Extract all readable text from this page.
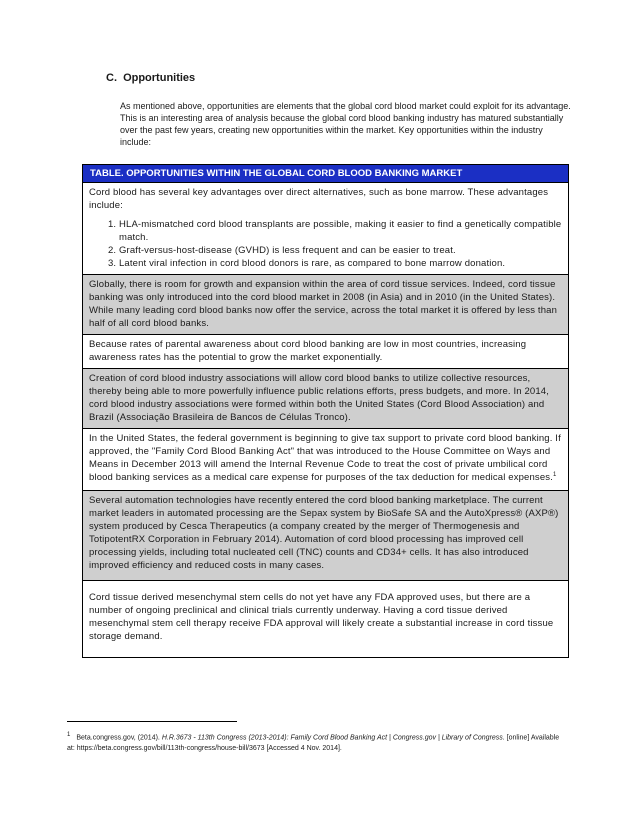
C. Opportunities

As mentioned above, opportunities are elements that the global cord blood market could exploit for its advantage. This is an interesting area of analysis because the global cord blood banking industry has matured substantially over the past few years, creating new opportunities within the market. Key opportunities within the industry include:

TABLE. OPPORTUNITIES WITHIN THE GLOBAL CORD BLOOD BANKING MARKET

Cord blood has several key advantages over direct alternatives, such as bone marrow. These advantages include:

1. HLA-mismatched cord blood transplants are possible, making it easier to find a genetically compatible match.
2. Graft-versus-host-disease (GVHD) is less frequent and can be easier to treat.
3. Latent viral infection in cord blood donors is rare, as compared to bone marrow donation.

Globally, there is room for growth and expansion within the area of cord tissue services. Indeed, cord tissue banking was only introduced into the cord blood market in 2008 (in Asia) and in 2010 (in the United States). While many leading cord blood banks now offer the service, across the total market it is offered by less than half of all cord blood banks.

Because rates of parental awareness about cord blood banking are low in most countries, increasing awareness rates has the potential to grow the market exponentially.

Creation of cord blood industry associations will allow cord blood banks to utilize collective resources, thereby being able to more powerfully influence public relations efforts, press budgets, and more. In 2014, cord blood industry associations were formed within both the United States (Cord Blood Association) and Brazil (Associação Brasileira de Bancos de Células Tronco).

In the United States, the federal government is beginning to give tax support to private cord blood banking. If approved, the "Family Cord Blood Banking Act" that was introduced to the House Committee on Ways and Means in December 2013 will amend the Internal Revenue Code to treat the cost of private umbilical cord blood banking services as a medical care expense for purposes of the tax deduction for medical expenses.$^1$

Several automation technologies have recently entered the cord blood banking marketplace. The current market leaders in automated processing are the Sepax system by BioSafe SA and the AutoXpress® (AXP®) system produced by Cesca Therapeutics (a company created by the merger of Thermogenesis and TotipotentRX Corporation in February 2014). Automation of cord blood processing has improved cell processing yields, including total nucleated cell (TNC) counts and CD34+ cells. It has also introduced improved efficiency and reduced costs in many cases.

Cord tissue derived mesenchymal stem cells do not yet have any FDA approved uses, but there are a number of ongoing preclinical and clinical trials currently underway. Having a cord tissue derived mesenchymal stem cell therapy receive FDA approval will likely create a substantial increase in cord tissue storage demand.

1 Beta.congress.gov, (2014). H.R.3673 - 113th Congress (2013-2014): Family Cord Blood Banking Act | Congress.gov | Library of Congress. [online] Available at: https://beta.congress.gov/bill/113th-congress/house-bill/3673 [Accessed 4 Nov. 2014].
